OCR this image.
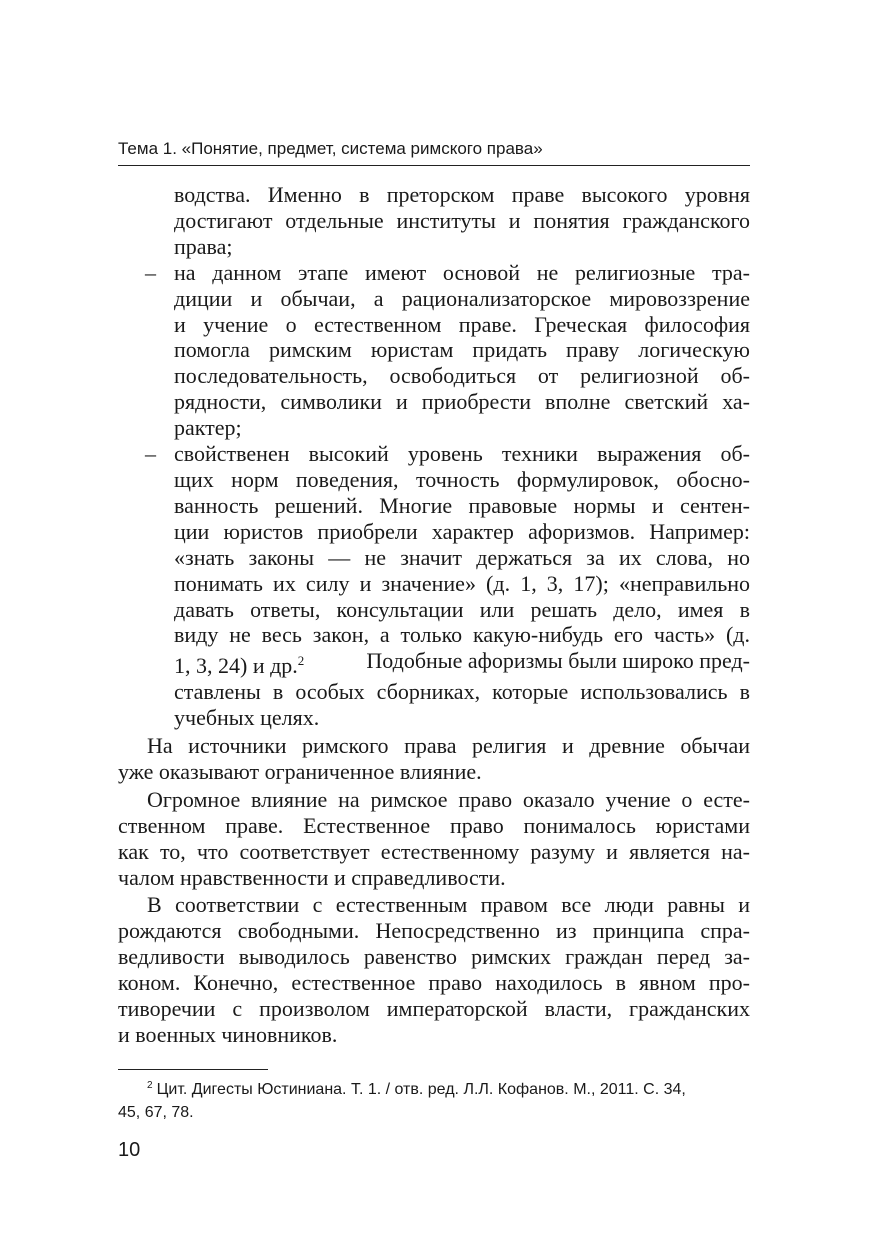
Тема 1. «Понятие, предмет, система римского права»
водства. Именно в преторском праве высокого уровня
достигают отдельные институты и понятия гражданского
права;
– на данном этапе имеют основой не религиозные тра-
диции и обычаи, а рационализаторское мировоззрение
и учение о естественном праве. Греческая философия
помогла римским юристам придать праву логическую
последовательность, освободиться от религиозной об-
рядности, символики и приобрести вполне светский ха-
рактер;
– свойственен высокий уровень техники выражения об-
щих норм поведения, точность формулировок, обосно-
ванность решений. Многие правовые нормы и сентен-
ции юристов приобрели характер афоризмов. Например:
«знать законы — не значит держаться за их слова, но
понимать их силу и значение» (д. 1, 3, 17); «неправильно
давать ответы, консультации или решать дело, имея в
виду не весь закон, а только какую-нибудь его часть» (д.
1, 3, 24) и др.$^2$	Подобные афоризмы были широко пред-
ставлены в особых сборниках, которые использовались в
учебных целях.
На источники римского права религия и древние обычаи
уже оказывают ограниченное влияние.
Огромное влияние на римское право оказало учение о есте-
ственном праве. Естественное право понималось юристами
как то, что соответствует естественному разуму и является на-
чалом нравственности и справедливости.
В соответствии с естественным правом все люди равны и
рождаются свободными. Непосредственно из принципа спра-
ведливости выводилось равенство римских граждан перед за-
коном. Конечно, естественное право находилось в явном про-
тиворечии с произволом императорской власти, гражданских
и военных чиновников.
$^2$ Цит. Дигесты Юстиниана. Т. 1. / отв. ред. Л.Л. Кофанов. М., 2011. С. 34,
45, 67, 78.
10
